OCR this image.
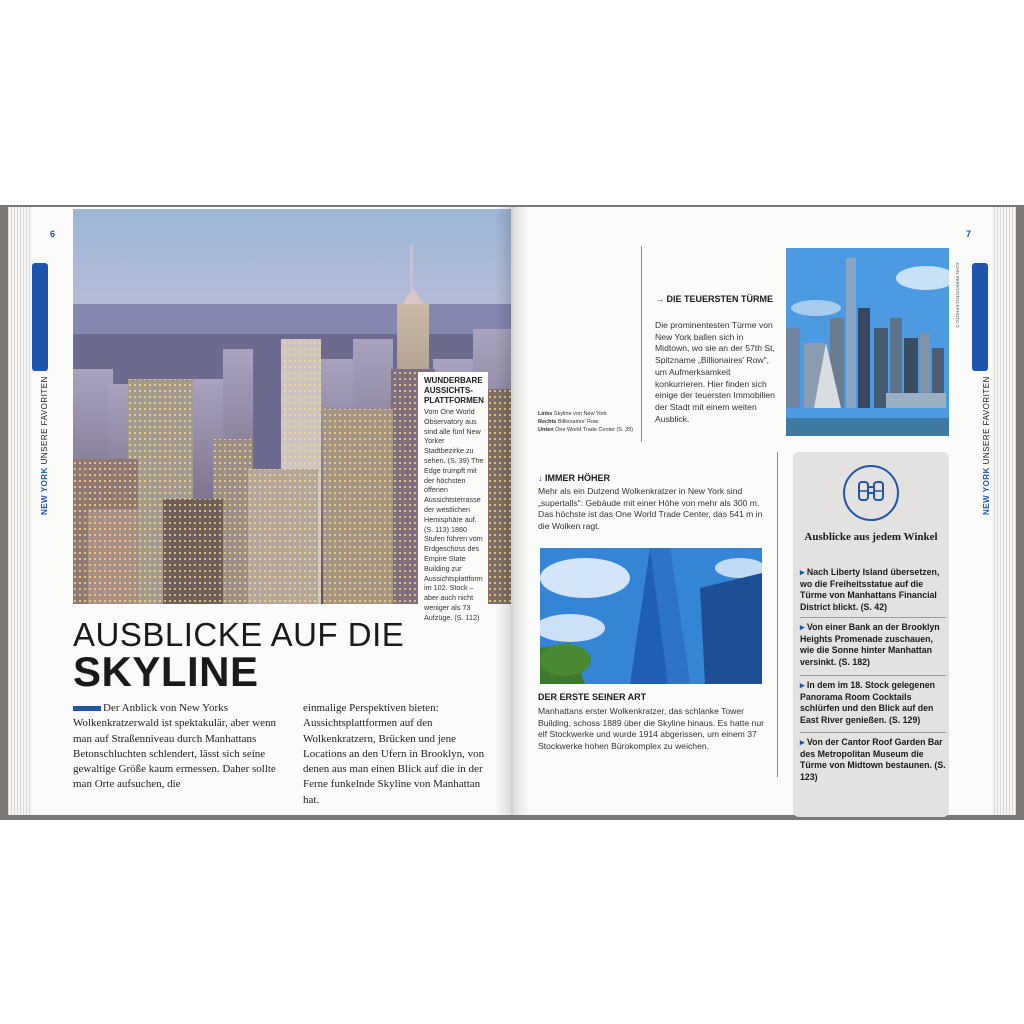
6
NEW YORK UNSERE FAVORITEN	WUNDERBARE AUSSICHTS-PLATTFORMEN
Vom One World Observatory aus sind alle fünf New Yorker Stadtbezirke zu sehen. (S. 39) The Edge trumpft mit der höchsten offenen Aussichtsterrasse der westlichen Hemisphäre auf. (S. 113) 1860 Stufen führen vom Erdgeschoss des Empire State Building zur Aussichtsplattform im 102. Stock – aber auch nicht weniger als 73 Aufzüge. (S. 112)
AUSBLICKE AUF DIE
SKYLINE
Der Anblick von New Yorks Wolkenkratzerwald ist spektakulär, aber wenn man auf Straßenniveau durch Manhattans Betonschluchten schlendert, lässt sich seine gewaltige Größe kaum ermessen. Daher sollte man Orte aufsuchen, die
einmalige Perspektiven bieten: Aussichtsplattformen auf den Wolkenkratzern, Brücken und jene Locations an den Ufern in Brooklyn, von denen aus man einen Blick auf die in der Ferne funkelnde Skyline von Manhattan hat.
7
NEW YORK UNSERE FAVORITEN
JOHN PERRYISTOCKPHOTO ©
Links Skyline von New York
Rechts Billionaires' Row
Unten One World Trade Center (S. 39)
→ DIE TEUERSTEN TÜRME
Die prominentesten Türme von New York ballen sich in Midtown, wo sie an der 57th St, Spitzname „Billionaires' Row", um Aufmerksamkeit konkurrieren. Hier finden sich einige der teuersten Immobilien der Stadt mit einem weiten Ausblick.
↓ IMMER HÖHER
Mehr als ein Dutzend Wolkenkratzer in New York sind „supertalls": Gebäude mit einer Höhe von mehr als 300 m. Das höchste ist das One World Trade Center, das 541 m in die Wolken ragt.
DER ERSTE SEINER ART
Manhattans erster Wolkenkratzer, das schlanke Tower Building, schoss 1889 über die Skyline hinaus. Es hatte nur elf Stockwerke und wurde 1914 abgerissen, um einem 37 Stockwerke hohen Bürokomplex zu weichen.
Ausblicke aus jedem Winkel
▸ Nach Liberty Island übersetzen, wo die Freiheitsstatue auf die Türme von Manhattans Financial District blickt. (S. 42)
▸ Von einer Bank an der Brooklyn Heights Promenade zuschauen, wie die Sonne hinter Manhattan versinkt. (S. 182)
▸ In dem im 18. Stock gelegenen Panorama Room Cocktails schlürfen und den Blick auf den East River genießen. (S. 129)
▸ Von der Cantor Roof Garden Bar des Metropolitan Museum die Türme von Midtown bestaunen. (S. 123)
